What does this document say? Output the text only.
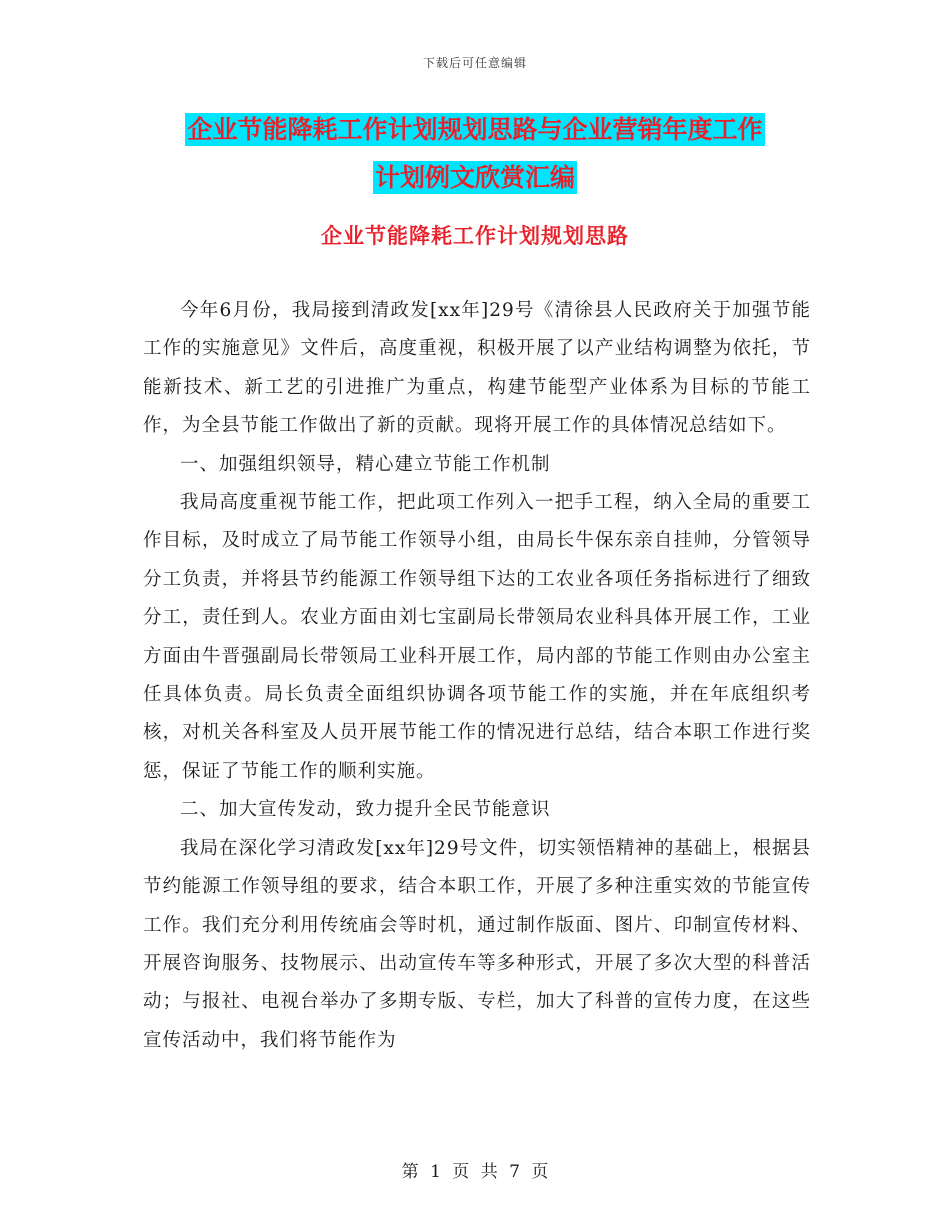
下载后可任意编辑
企业节能降耗工作计划规划思路与企业营销年度工作
计划例文欣赏汇编
企业节能降耗工作计划规划思路

今年6月份，我局接到清政发[xx年]29号《清徐县人民政府关于加强节能工作的实施意见》文件后，高度重视，积极开展了以产业结构调整为依托，节能新技术、新工艺的引进推广为重点，构建节能型产业体系为目标的节能工作，为全县节能工作做出了新的贡献。现将开展工作的具体情况总结如下。

一、加强组织领导，精心建立节能工作机制

我局高度重视节能工作，把此项工作列入一把手工程，纳入全局的重要工作目标，及时成立了局节能工作领导小组，由局长牛保东亲自挂帅，分管领导分工负责，并将县节约能源工作领导组下达的工农业各项任务指标进行了细致分工，责任到人。农业方面由刘七宝副局长带领局农业科具体开展工作，工业方面由牛晋强副局长带领局工业科开展工作，局内部的节能工作则由办公室主任具体负责。局长负责全面组织协调各项节能工作的实施，并在年底组织考核，对机关各科室及人员开展节能工作的情况进行总结，结合本职工作进行奖惩，保证了节能工作的顺利实施。

二、加大宣传发动，致力提升全民节能意识

我局在深化学习清政发[xx年]29号文件，切实领悟精神的基础上，根据县节约能源工作领导组的要求，结合本职工作，开展了多种注重实效的节能宣传工作。我们充分利用传统庙会等时机，通过制作版面、图片、印制宣传材料、开展咨询服务、技物展示、出动宣传车等多种形式，开展了多次大型的科普活动；与报社、电视台举办了多期专版、专栏，加大了科普的宣传力度，在这些宣传活动中，我们将节能作为

第 1 页 共 7 页
